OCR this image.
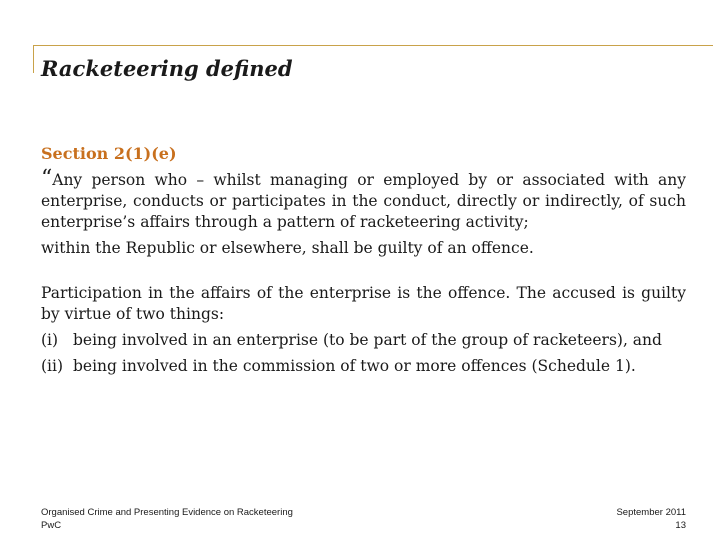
Racketeering defined
Section 2(1)(e)

“Any person who – whilst managing or employed by or associated with any enterprise, conducts or participates in the conduct, directly or indirectly, of such enterprise’s affairs through a pattern of racketeering activity;

within the Republic or elsewhere, shall be guilty of an offence.

Participation in the affairs of the enterprise is the offence. The accused is guilty by virtue of two things:

(i) being involved in an enterprise (to be part of the group of racketeers), and
(ii) being involved in the commission of two or more offences (Schedule 1).
Organised Crime and Presenting Evidence on Racketeering
PwC
September 2011
13
